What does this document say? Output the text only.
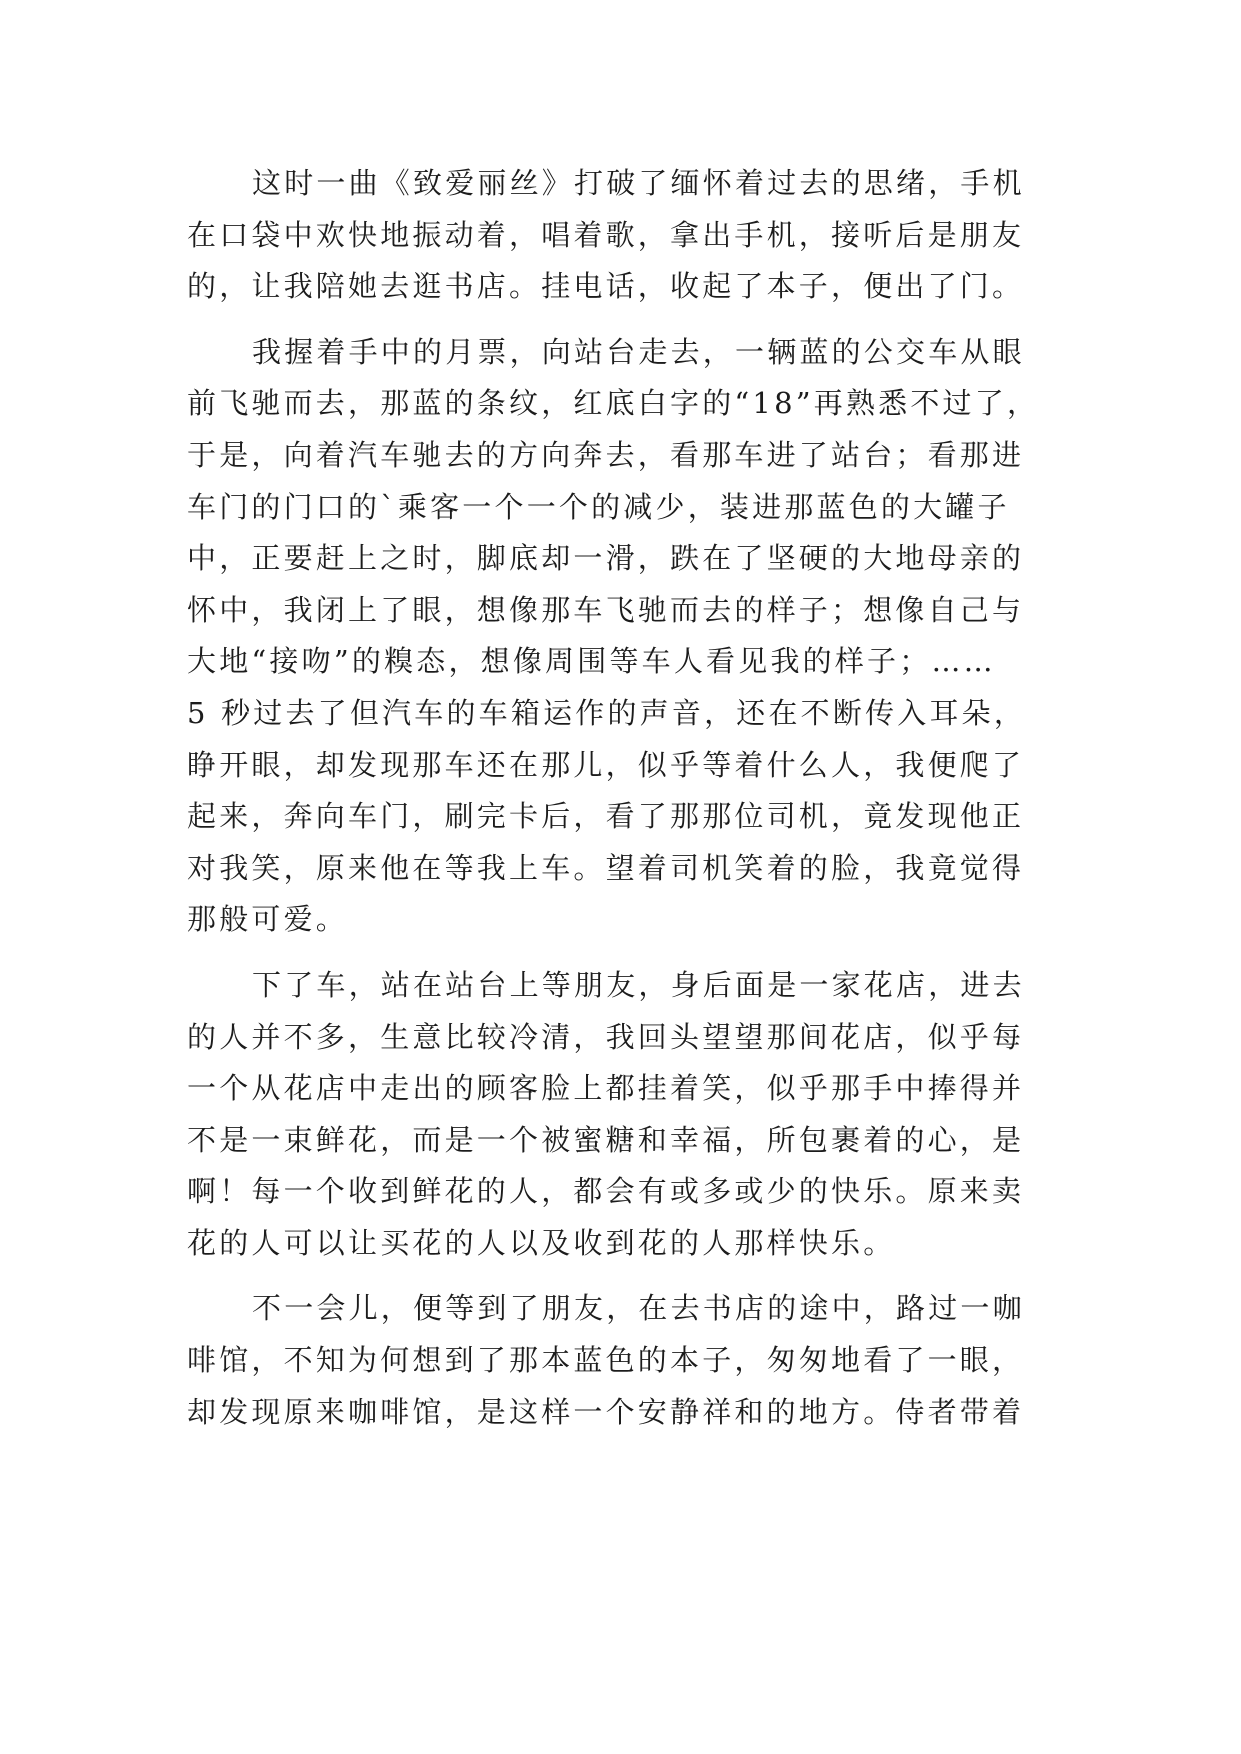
这时一曲《致爱丽丝》打破了缅怀着过去的思绪，手机
在口袋中欢快地振动着，唱着歌，拿出手机，接听后是朋友
的，让我陪她去逛书店。挂电话，收起了本子，便出了门。
我握着手中的月票，向站台走去，一辆蓝的公交车从眼
前飞驰而去，那蓝的条纹，红底白字的“18”再熟悉不过了，
于是，向着汽车驰去的方向奔去，看那车进了站台；看那进
车门的门口的`乘客一个一个的减少，装进那蓝色的大罐子
中，正要赶上之时，脚底却一滑，跌在了坚硬的大地母亲的
怀中，我闭上了眼，想像那车飞驰而去的样子；想像自己与
大地“接吻”的糗态，想像周围等车人看见我的样子；……
5 秒过去了但汽车的车箱运作的声音，还在不断传入耳朵，
睁开眼，却发现那车还在那儿，似乎等着什么人，我便爬了
起来，奔向车门，刷完卡后，看了那那位司机，竟发现他正
对我笑，原来他在等我上车。望着司机笑着的脸，我竟觉得
那般可爱。
下了车，站在站台上等朋友，身后面是一家花店，进去
的人并不多，生意比较冷清，我回头望望那间花店，似乎每
一个从花店中走出的顾客脸上都挂着笑，似乎那手中捧得并
不是一束鲜花，而是一个被蜜糖和幸福，所包裹着的心，是
啊！每一个收到鲜花的人，都会有或多或少的快乐。原来卖
花的人可以让买花的人以及收到花的人那样快乐。
不一会儿，便等到了朋友，在去书店的途中，路过一咖
啡馆，不知为何想到了那本蓝色的本子，匆匆地看了一眼，
却发现原来咖啡馆，是这样一个安静祥和的地方。侍者带着
